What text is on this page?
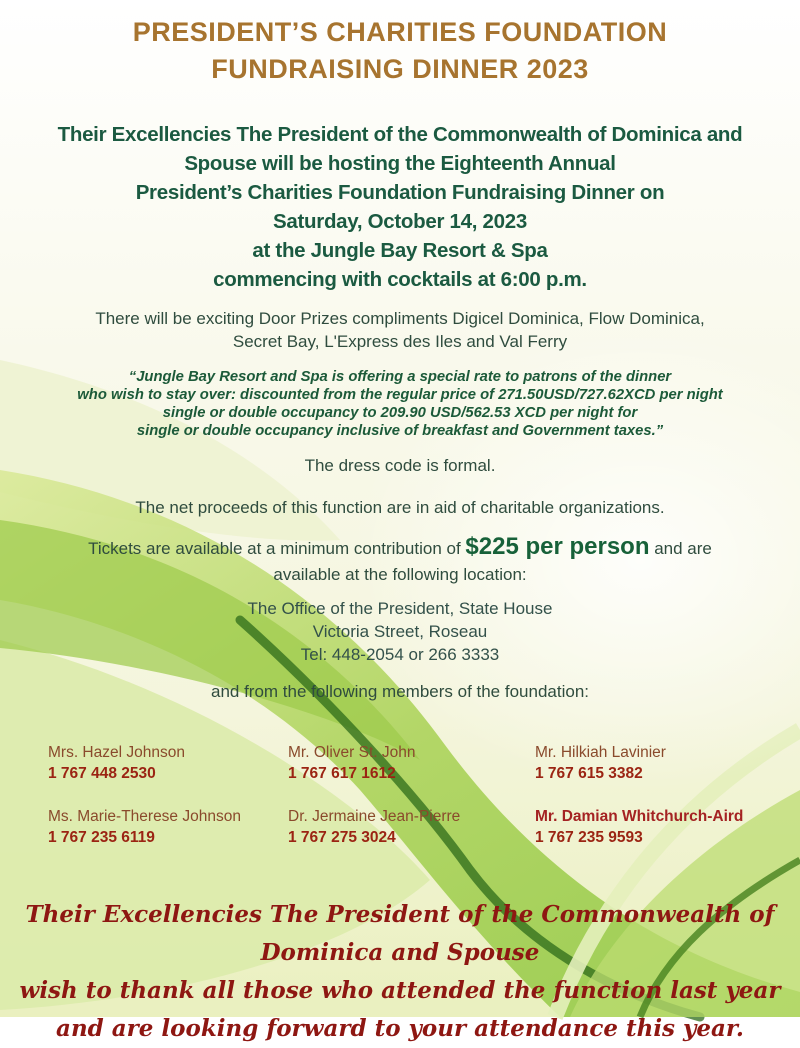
PRESIDENT’S CHARITIES FOUNDATION
FUNDRAISING DINNER 2023
Their Excellencies The President of the Commonwealth of Dominica and
Spouse will be hosting the Eighteenth Annual
President’s Charities Foundation Fundraising Dinner on
Saturday, October 14, 2023
at the Jungle Bay Resort & Spa
commencing with cocktails at 6:00 p.m.
There will be exciting Door Prizes compliments Digicel Dominica, Flow Dominica,
Secret Bay, L'Express des Iles and Val Ferry
“Jungle Bay Resort and Spa is offering a special rate to patrons of the dinner
who wish to stay over: discounted from the regular price of 271.50USD/727.62XCD per night
single or double occupancy to 209.90 USD/562.53 XCD per night for
single or double occupancy inclusive of breakfast and Government taxes.”
The dress code is formal.
The net proceeds of this function are in aid of charitable organizations.
Tickets are available at a minimum contribution of $225 per person and are
available at the following location:
The Office of the President, State House
Victoria Street, Roseau
Tel: 448-2054 or 266 3333
and from the following members of the foundation:
Mrs. Hazel Johnson
1 767 448 2530
Mr. Oliver St. John
1 767 617 1612
Mr. Hilkiah Lavinier
1 767 615 3382
Ms. Marie-Therese Johnson
1 767 235 6119
Dr. Jermaine Jean-Pierre
1 767 275 3024
Mr. Damian Whitchurch-Aird
1 767 235 9593
Their Excellencies The President of the Commonwealth of Dominica and Spouse
wish to thank all those who attended the function last year
and are looking forward to your attendance this year.
